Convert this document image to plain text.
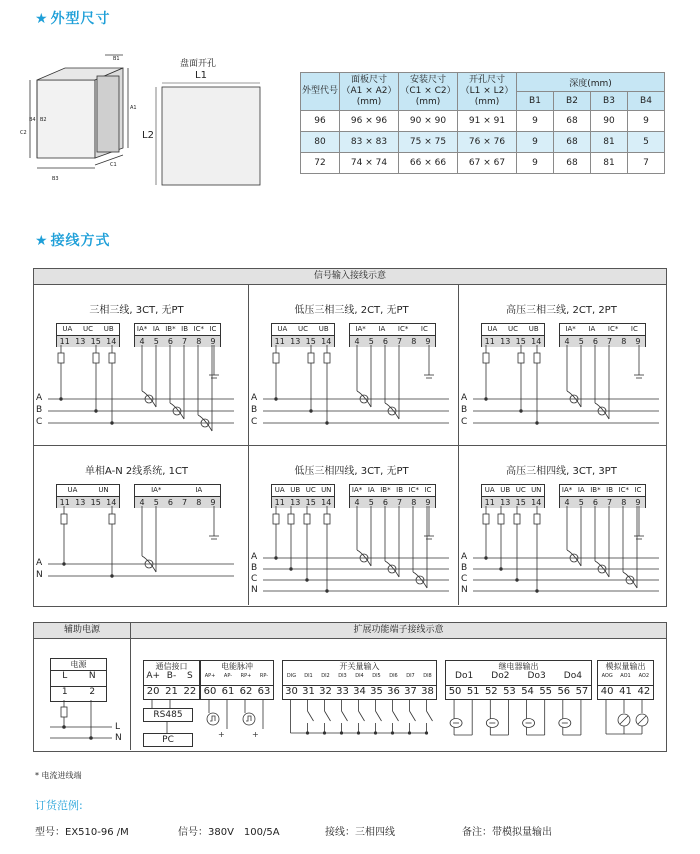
★ 外型尺寸
B1
B4 B2
B3
A1
C2
C1
盘面开孔
L1
L2
外型代号	面板尺寸
（A1 × A2）
(mm)	安装尺寸
（C1 × C2）
(mm)	开孔尺寸
（L1 × L2）
(mm)	深度(mm)			
				B1	B2	B3	B4
96	96 × 96	90 × 90	91 × 91	9	68	90	9
80	83 × 83	75 × 75	76 × 76	9	68	81	5
72	74 × 74	66 × 66	67 × 67	9	68	81	7
★ 接线方式
信号输入接线示意
三相三线, 3CT, 无PT
UA	UC	UB
11 13 15 14
IA* IA IB* IB IC* IC
4	5	6	7	8	9
A
B
C
低压三相三线, 2CT, 无PT
UA	UC	UB
11 13 15 14
IA*	IA	IC*	IC
4	5	6	7	8	9
A
B
C
高压三相三线, 2CT, 2PT
UA	UC	UB
11 13 15 14
IA*	IA	IC*	IC
4	5	6	7	8	9
A
B
C
单相A-N 2线系统, 1CT
UA	UN
11 13 15 14
IA*	IA
4	5	6	7	8	9
A
N
低压三相四线, 3CT, 无PT
UA UB UC UN
11 13 15 14
IA* IA IB* IB IC* IC
4	5	6	7	8	9
A
B
C
N
高压三相四线, 3CT, 3PT
UA UB UC UN
11 13 15 14
IA* IA IB* IB IC* IC
4	5	6	7	8	9
A
B
C
N
辅助电源	扩展功能端子接线示意
电源
L	N
1	2
L
N
通信接口
A+ B-	S
20 21 22
RS485
PC
电能脉冲
AP+	AP-	RP+	RP-
60 61 62 63
+	+
开关量输入
DIG	DI1	DI2	DI3	DI4	DI5	DI6	DI7	DI8
30 31 32 33 34 35 36 37 38
继电器输出
Do1	Do2	Do3	Do4
50 51 52 53 54 55 56 57
模拟量输出
AOG	AO1	AO2
40 41 42
* 电流进线端
订货范例:
型号：EX510-96 /M	信号：380V　100/5A	接线：三相四线	备注：带模拟量输出
